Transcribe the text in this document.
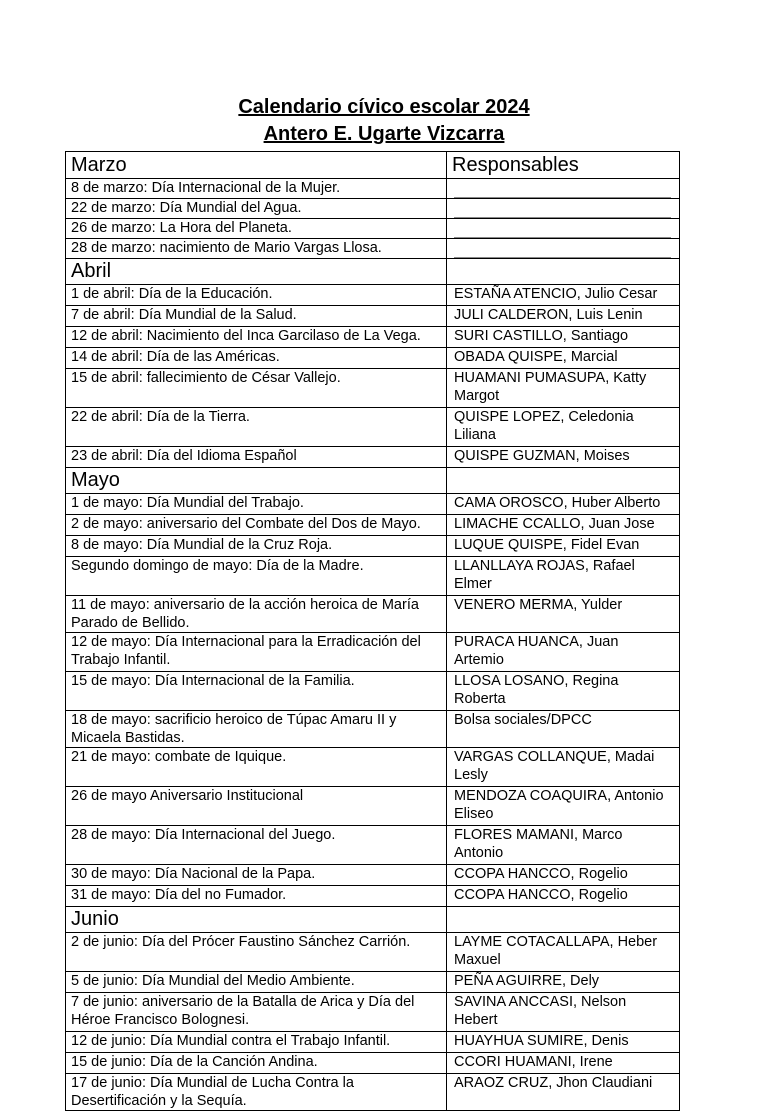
Calendario cívico escolar 2024
Antero E. Ugarte Vizcarra
Marzo	Responsables
8 de marzo: Día Internacional de la Mujer.	

22 de marzo: Día Mundial del Agua.	

26 de marzo: La Hora del Planeta.	

28 de marzo: nacimiento de Mario Vargas Llosa.	

Abril	
1 de abril: Día de la Educación.	ESTAÑA ATENCIO, Julio Cesar

7 de abril: Día Mundial de la Salud.	JULI CALDERON, Luis Lenin

12 de abril: Nacimiento del Inca Garcilaso de La Vega.	SURI CASTILLO, Santiago

14 de abril: Día de las Américas.	OBADA QUISPE, Marcial

15 de abril: fallecimiento de César Vallejo.	HUAMANI PUMASUPA, Katty Margot

22 de abril: Día de la Tierra.	QUISPE LOPEZ, Celedonia Liliana

23 de abril: Día del Idioma Español	QUISPE GUZMAN, Moises

Mayo	
1 de mayo: Día Mundial del Trabajo.	CAMA OROSCO, Huber Alberto

2 de mayo: aniversario del Combate del Dos de Mayo.	LIMACHE CCALLO, Juan Jose

8 de mayo: Día Mundial de la Cruz Roja.	LUQUE QUISPE, Fidel Evan

Segundo domingo de mayo: Día de la Madre.	LLANLLAYA ROJAS, Rafael Elmer

11 de mayo: aniversario de la acción heroica de María Parado de Bellido.	VENERO MERMA, Yulder

12 de mayo: Día Internacional para la Erradicación del Trabajo Infantil.	PURACA HUANCA, Juan Artemio

15 de mayo: Día Internacional de la Familia.	LLOSA LOSANO, Regina Roberta

18 de mayo: sacrificio heroico de Túpac Amaru II y Micaela Bastidas.	Bolsa sociales/DPCC

21 de mayo: combate de Iquique.	VARGAS COLLANQUE, Madai Lesly

26 de mayo Aniversario Institucional	MENDOZA COAQUIRA, Antonio Eliseo

28 de mayo: Día Internacional del Juego.	FLORES MAMANI, Marco Antonio

30 de mayo: Día Nacional de la Papa.	CCOPA HANCCO, Rogelio

31 de mayo: Día del no Fumador.	CCOPA HANCCO, Rogelio

Junio	
2 de junio: Día del Prócer Faustino Sánchez Carrión.	LAYME COTACALLAPA, Heber Maxuel

5 de junio: Día Mundial del Medio Ambiente.	PEÑA AGUIRRE, Dely

7 de junio: aniversario de la Batalla de Arica y Día del Héroe Francisco Bolognesi.	SAVINA ANCCASI, Nelson Hebert

12 de junio: Día Mundial contra el Trabajo Infantil.	HUAYHUA SUMIRE, Denis

15 de junio: Día de la Canción Andina.	CCORI HUAMANI, Irene

17 de junio: Día Mundial de Lucha Contra la Desertificación y la Sequía.	ARAOZ CRUZ, Jhon Claudiani
